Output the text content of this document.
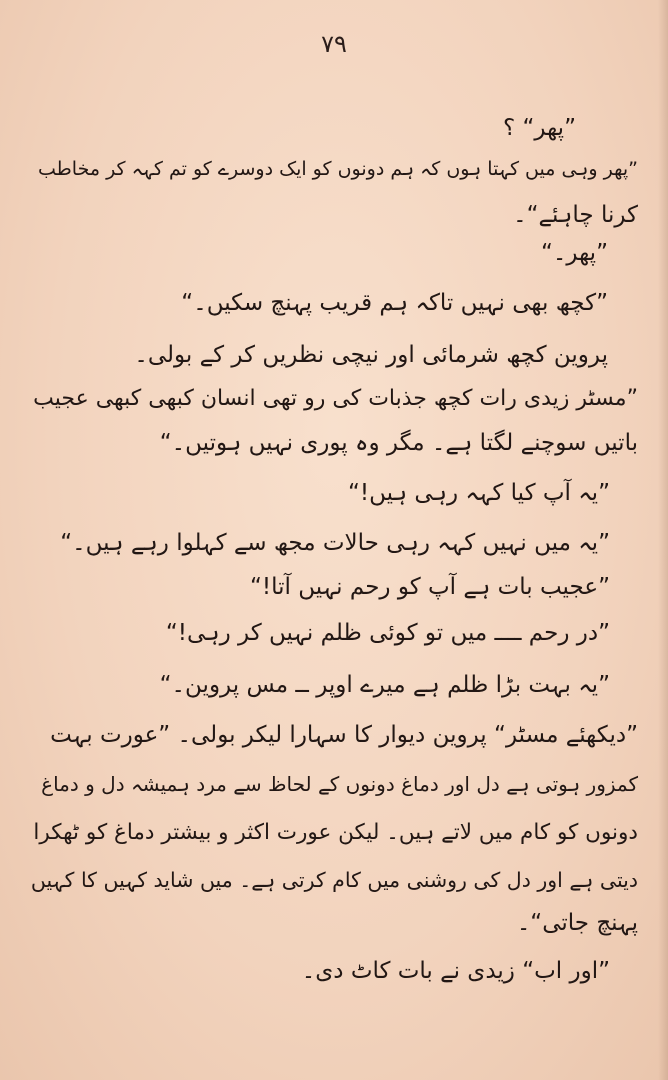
۷۹
”پھر“ ؟
”پھر وہی میں کہتا ہوں کہ ہم دونوں کو ایک دوسرے کو تم کہہ کر مخاطب
کرنا چاہئے“۔
”پھر۔“
”کچھ بھی نہیں تاکہ ہم قریب پہنچ سکیں۔“
پروین کچھ شرمائی اور نیچی نظریں کر کے بولی۔
”مسٹر زیدی رات کچھ جذبات کی رو تھی انسان کبھی کبھی عجیب
باتیں سوچنے لگتا ہے۔ مگر وہ پوری نہیں ہوتیں۔“
”یہ آپ کیا کہہ رہی ہیں!“
”یہ میں نہیں کہہ رہی حالات مجھ سے کہلوا رہے ہیں۔“
”عجیب بات ہے آپ کو رحم نہیں آتا!“
”در رحم ــــ میں تو کوئی ظلم نہیں کر رہی!“
”یہ بہت بڑا ظلم ہے میرے اوپر ــ مس پروین۔“
”دیکھئے مسٹر“ پروین دیوار کا سہارا لیکر بولی۔ ”عورت بہت
کمزور ہوتی ہے دل اور دماغ دونوں کے لحاظ سے مرد ہمیشہ دل و دماغ
دونوں کو کام میں لاتے ہیں۔ لیکن عورت اکثر و بیشتر دماغ کو ٹھکرا
دیتی ہے اور دل کی روشنی میں کام کرتی ہے۔ میں شاید کہیں کا کہیں
پہنچ جاتی“۔
”اور اب“ زیدی نے بات کاٹ دی۔
